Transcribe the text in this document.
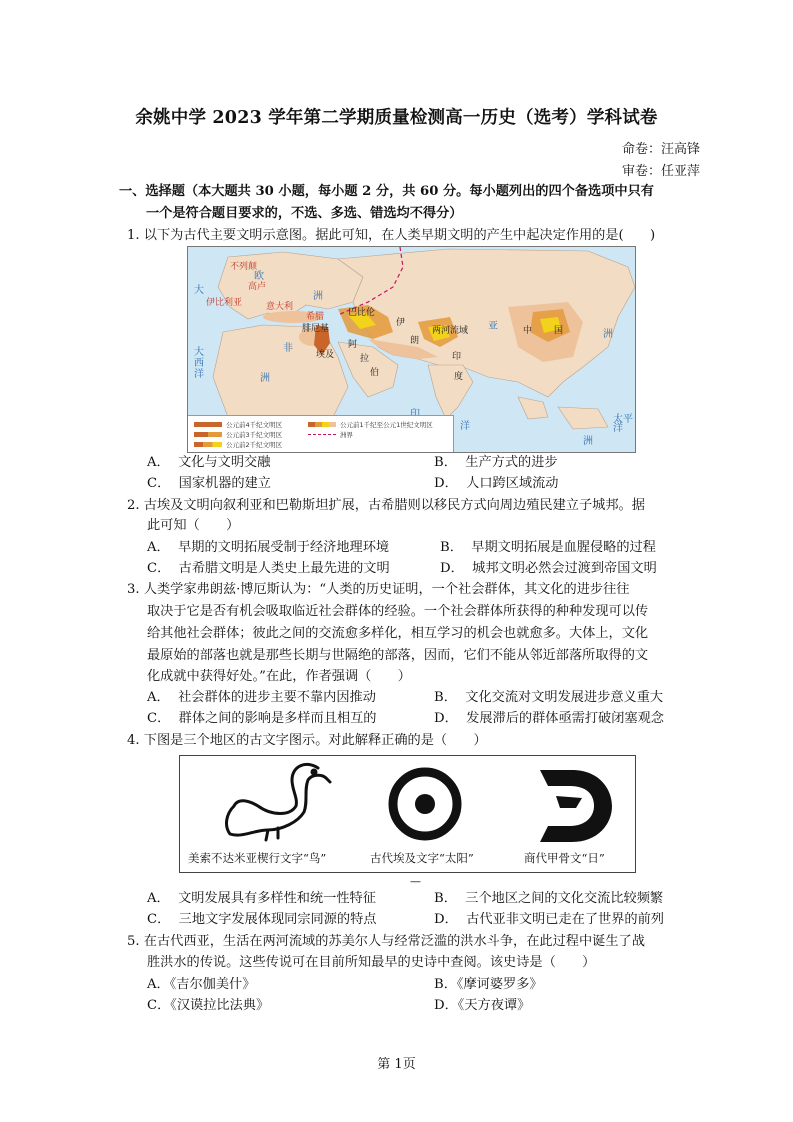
余姚中学 2023 学年第二学期质量检测高一历史（选考）学科试卷
命卷：汪高锋
审卷：任亚萍
一、选择题（本大题共 30 小题，每小题 2 分，共 60 分。每小题列出的四个备选项中只有
一个是符合题目要求的，不选、多选、错选均不得分）
1. 以下为古代主要文明示意图。据此可知，在人类早期文明的产生中起决定作用的是(　　)
不列颠
欧
高卢
洲
伊比利亚
大
意大利
希腊
腓尼基
巴比伦
伊
朗
两河流域
阿
拉
伯
埃及
非
洲
亚
洲
中 国
印
度
太平洋
洋
大西洋
洲
公元前4千纪文明区
公元前3千纪文明区
公元前2千纪文明区
公元前1千纪至公元1世纪文明区
洲界
A． 文化与文明交融	B． 生产方式的进步
C． 国家机器的建立	D． 人口跨区域流动
2. 古埃及文明向叙利亚和巴勒斯坦扩展，古希腊则以移民方式向周边殖民建立子城邦。据
此可知（　　）
A． 早期的文明拓展受制于经济地理环境	B． 早期文明拓展是血腥侵略的过程
C． 古希腊文明是人类史上最先进的文明	D． 城邦文明必然会过渡到帝国文明
3. 人类学家弗朗兹·博厄斯认为：“人类的历史证明，一个社会群体，其文化的进步往往
取决于它是否有机会吸取临近社会群体的经验。一个社会群体所获得的种种发现可以传
给其他社会群体；彼此之间的交流愈多样化，相互学习的机会也就愈多。大体上，文化
最原始的部落也就是那些长期与世隔绝的部落，因而，它们不能从邻近部落所取得的文
化成就中获得好处。”在此，作者强调（　　）
A． 社会群体的进步主要不靠内因推动	B． 文化交流对文明发展进步意义重大
C． 群体之间的影响是多样而且相互的	D． 发展滞后的群体亟需打破闭塞观念
4. 下图是三个地区的古文字图示。对此解释正确的是（　　）
美索不达米亚楔行文字“鸟”	古代埃及文字“太阳”	商代甲骨文“日”
—
A． 文明发展具有多样性和统一性特征	B． 三个地区之间的文化交流比较频繁
C． 三地文字发展体现同宗同源的特点	D． 古代亚非文明已走在了世界的前列
5. 在古代西亚，生活在两河流域的苏美尔人与经常泛滥的洪水斗争，在此过程中诞生了战
胜洪水的传说。这些传说可在目前所知最早的史诗中查阅。该史诗是（　　）
A．《吉尔伽美什》	B．《摩诃婆罗多》
C．《汉谟拉比法典》	D．《天方夜谭》
第 1页
